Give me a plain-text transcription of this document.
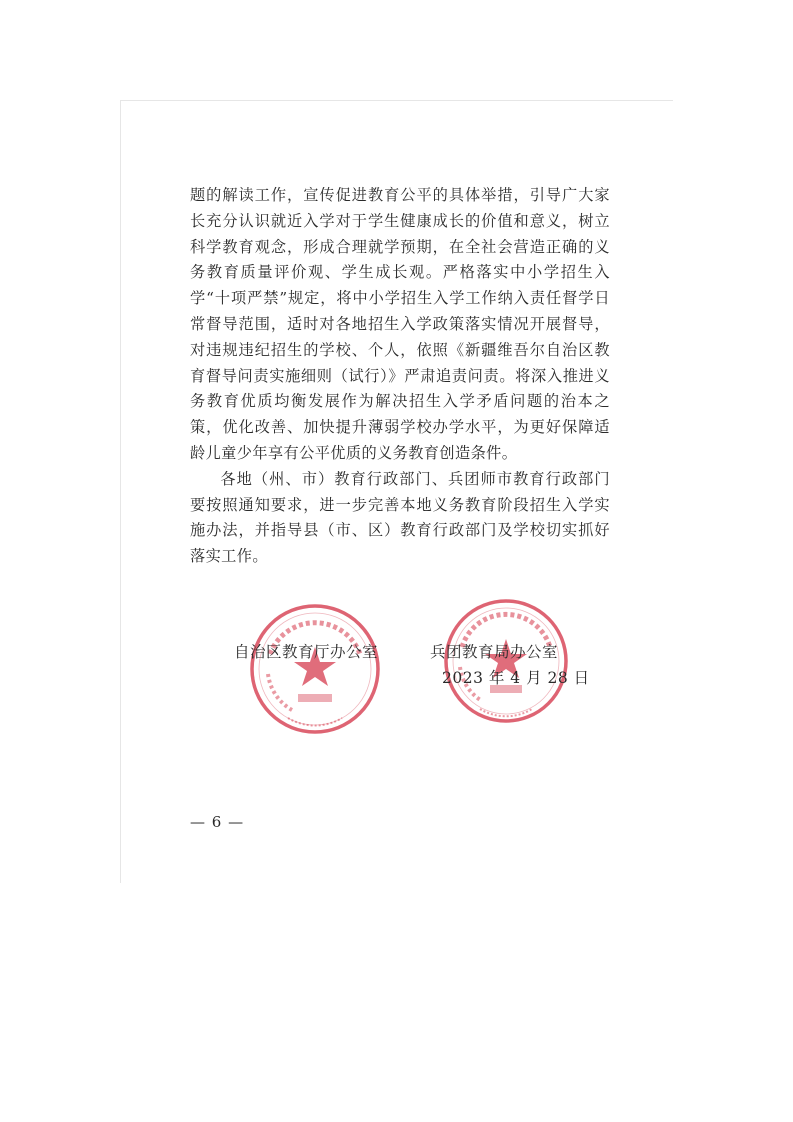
题的解读工作，宣传促进教育公平的具体举措，引导广大家长充分认识就近入学对于学生健康成长的价值和意义，树立科学教育观念，形成合理就学预期，在全社会营造正确的义务教育质量评价观、学生成长观。严格落实中小学招生入学“十项严禁”规定，将中小学招生入学工作纳入责任督学日常督导范围，适时对各地招生入学政策落实情况开展督导，对违规违纪招生的学校、个人，依照《新疆维吾尔自治区教育督导问责实施细则（试行）》严肃追责问责。将深入推进义务教育优质均衡发展作为解决招生入学矛盾问题的治本之策，优化改善、加快提升薄弱学校办学水平，为更好保障适龄儿童少年享有公平优质的义务教育创造条件。

各地（州、市）教育行政部门、兵团师市教育行政部门要按照通知要求，进一步完善本地义务教育阶段招生入学实施办法，并指导县（市、区）教育行政部门及学校切实抓好落实工作。

自治区教育厅办公室	兵团教育局办公室
2023 年 4 月 28 日
— 6 —
